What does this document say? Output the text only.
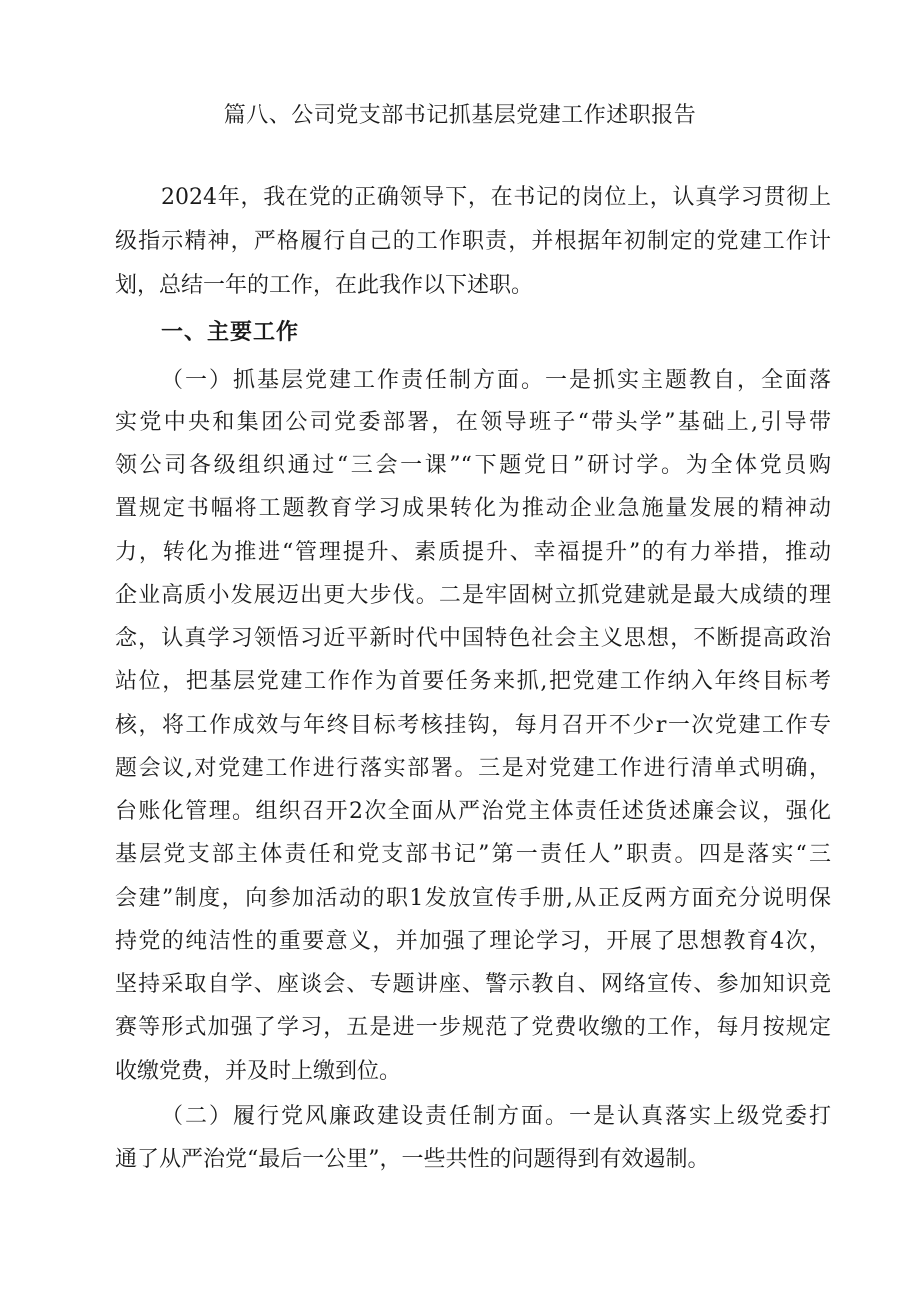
篇八、公司党支部书记抓基层党建工作述职报告

2024年，我在党的正确领导下，在书记的岗位上，认真学习贯彻上

级指示精神，严格履行自己的工作职责，并根据年初制定的党建工作计

划，总结一年的工作，在此我作以下述职。

一、主要工作

（一）抓基层党建工作责任制方面。一是抓实主题教自，全面落

实党中央和集团公司党委部署，在领导班子“带头学”基础上,引导带

领公司各级组织通过“三会一课”“下题党日”研讨学。为全体党员购

置规定书幅将工题教育学习成果转化为推动企业急施量发展的精神动

力，转化为推进“管理提升、素质提升、幸福提升”的有力举措，推动

企业高质小发展迈出更大步伐。二是牢固树立抓党建就是最大成绩的理

念，认真学习领悟习近平新时代中国特色社会主义思想，不断提高政治

站位，把基层党建工作作为首要任务来抓,把党建工作纳入年终目标考

核，将工作成效与年终目标考核挂钩，每月召开不少r一次党建工作专

题会议,对党建工作进行落实部署。三是对党建工作进行清单式明确，

台账化管理。组织召开2次全面从严治党主体责任述货述廉会议，强化

基层党支部主体责任和党支部书记”第一责任人”职责。四是落实“三

会建”制度，向参加活动的职1发放宣传手册,从正反两方面充分说明保

持党的纯洁性的重要意义，并加强了理论学习，开展了思想教育4次，

坚持采取自学、座谈会、专题讲座、警示教自、网络宣传、参加知识竞

赛等形式加强了学习，五是进一步规范了党费收缴的工作，每月按规定

收缴党费，并及时上缴到位。

（二）履行党风廉政建设责任制方面。一是认真落实上级党委打

通了从严治党“最后一公里”，一些共性的问题得到有效遏制。
